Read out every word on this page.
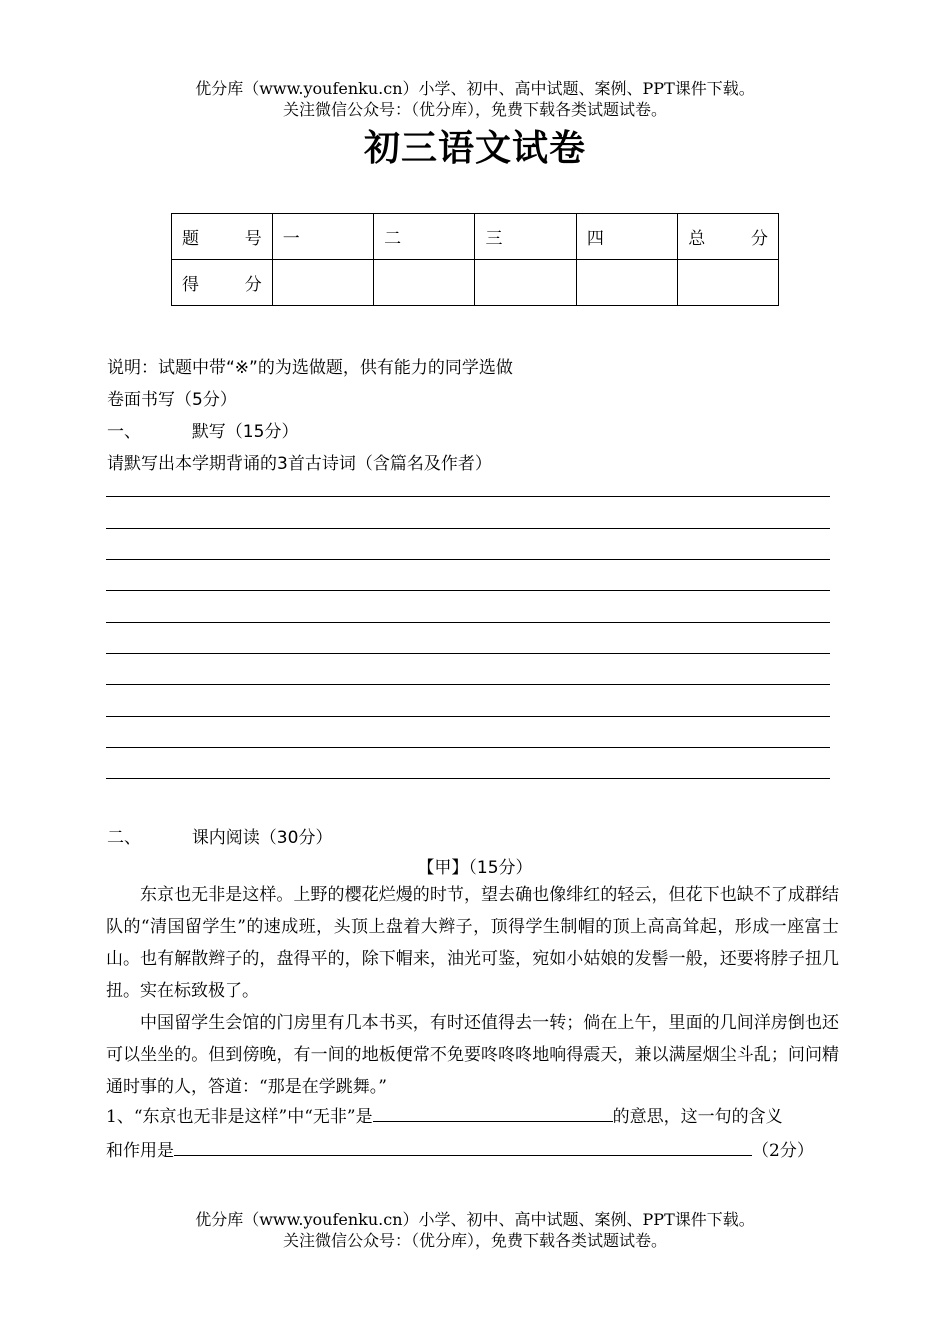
优分库（www.youfenku.cn）小学、初中、高中试题、案例、PPT课件下载。
关注微信公众号：（优分库），免费下载各类试题试卷。
初三语文试卷
题　　号	一	二	三	四	总　　分
得　　分					
说明：试题中带“※”的为选做题，供有能力的同学选做
卷面书写（5分）
一、	默写（15分）
请默写出本学期背诵的3首古诗词（含篇名及作者）
二、	课内阅读（30分）
【甲】（15分）
东京也无非是这样。上野的樱花烂熳的时节，望去确也像绯红的轻云，但花下也缺不了成群结队的“清国留学生”的速成班，头顶上盘着大辫子，顶得学生制帽的顶上高高耸起，形成一座富士山。也有解散辫子的，盘得平的，除下帽来，油光可鉴，宛如小姑娘的发髻一般，还要将脖子扭几扭。实在标致极了。
中国留学生会馆的门房里有几本书买，有时还值得去一转；倘在上午，里面的几间洋房倒也还可以坐坐的。但到傍晚，有一间的地板便常不免要咚咚咚地响得震天，兼以满屋烟尘斗乱；问问精通时事的人，答道：“那是在学跳舞。”
1、“东京也无非是这样”中“无非”是	的意思，这一句的含义
和作用是	（2分）
优分库（www.youfenku.cn）小学、初中、高中试题、案例、PPT课件下载。
关注微信公众号：（优分库），免费下载各类试题试卷。
